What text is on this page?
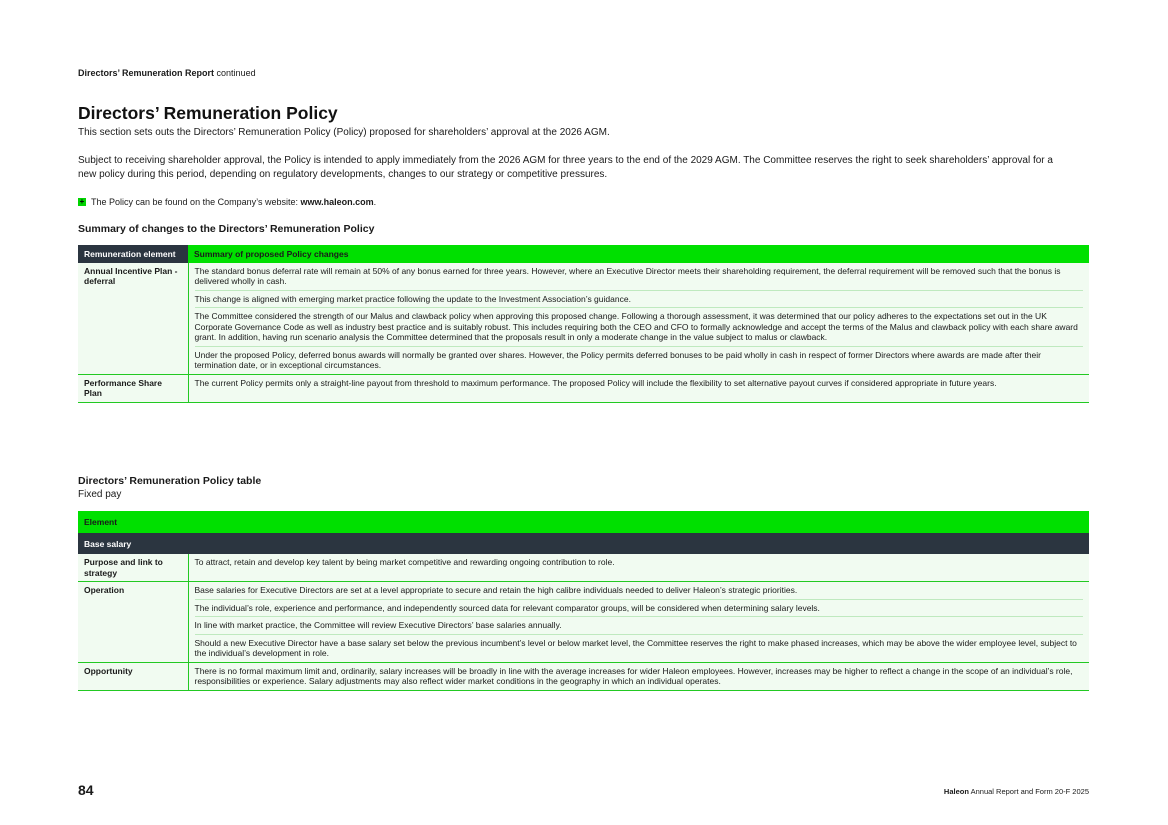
Directors’ Remuneration Report continued
Directors’ Remuneration Policy

This section sets outs the Directors’ Remuneration Policy (Policy) proposed for shareholders’ approval at the 2026 AGM.

Subject to receiving shareholder approval, the Policy is intended to apply immediately from the 2026 AGM for three years to the end of the 2029 AGM. The Committee reserves the right to seek shareholders’ approval for a new policy during this period, depending on regulatory developments, changes to our strategy or competitive pressures.

+ The Policy can be found on the Company’s website:
www.haleon.com .

Summary of changes to the Directors’ Remuneration Policy
Remuneration element	Summary of proposed Policy changes
Annual Incentive Plan - deferral	The standard bonus deferral rate will remain at 50% of any bonus earned for three years. However, where an Executive Director meets their shareholding requirement, the deferral requirement will be removed such that the bonus is delivered wholly in cash.
This change is aligned with emerging market practice following the update to the Investment Association’s guidance.
The Committee considered the strength of our Malus and clawback policy when approving this proposed change. Following a thorough assessment, it was determined that our policy adheres to the expectations set out in the UK Corporate Governance Code as well as industry best practice and is suitably robust. This includes requiring both the CEO and CFO to formally acknowledge and accept the terms of the Malus and clawback policy with each share award grant. In addition, having run scenario analysis the Committee determined that the proposals result in only a moderate change in the value subject to malus or clawback.
Under the proposed Policy, deferred bonus awards will normally be granted over shares. However, the Policy permits deferred bonuses to be paid wholly in cash in respect of former Directors where awards are made after their termination date, or in exceptional circumstances.

Performance Share Plan	The current Policy permits only a straight-line payout from threshold to maximum performance. The proposed Policy will include the flexibility to set alternative payout curves if considered appropriate in future years.
Directors’ Remuneration Policy table
Fixed pay
Element	
Base salary	
Purpose and link to strategy	To attract, retain and develop key talent by being market competitive and rewarding ongoing contribution to role.

Operation	Base salaries for Executive Directors are set at a level appropriate to secure and retain the high calibre individuals needed to deliver Haleon’s strategic priorities.
The individual’s role, experience and performance, and independently sourced data for relevant comparator groups, will be considered when determining salary levels.
In line with market practice, the Committee will review Executive Directors’ base salaries annually.
Should a new Executive Director have a base salary set below the previous incumbent’s level or below market level, the Committee reserves the right to make phased increases, which may be above the wider employee level, subject to the individual’s development in role.

Opportunity	There is no formal maximum limit and, ordinarily, salary increases will be broadly in line with the average increases for wider Haleon employees. However, increases may be higher to reflect a change in the scope of an individual’s role, responsibilities or experience. Salary adjustments may also reflect wider market conditions in the geography in which an individual operates.
84	Haleon Annual Report and Form 20-F 2025
